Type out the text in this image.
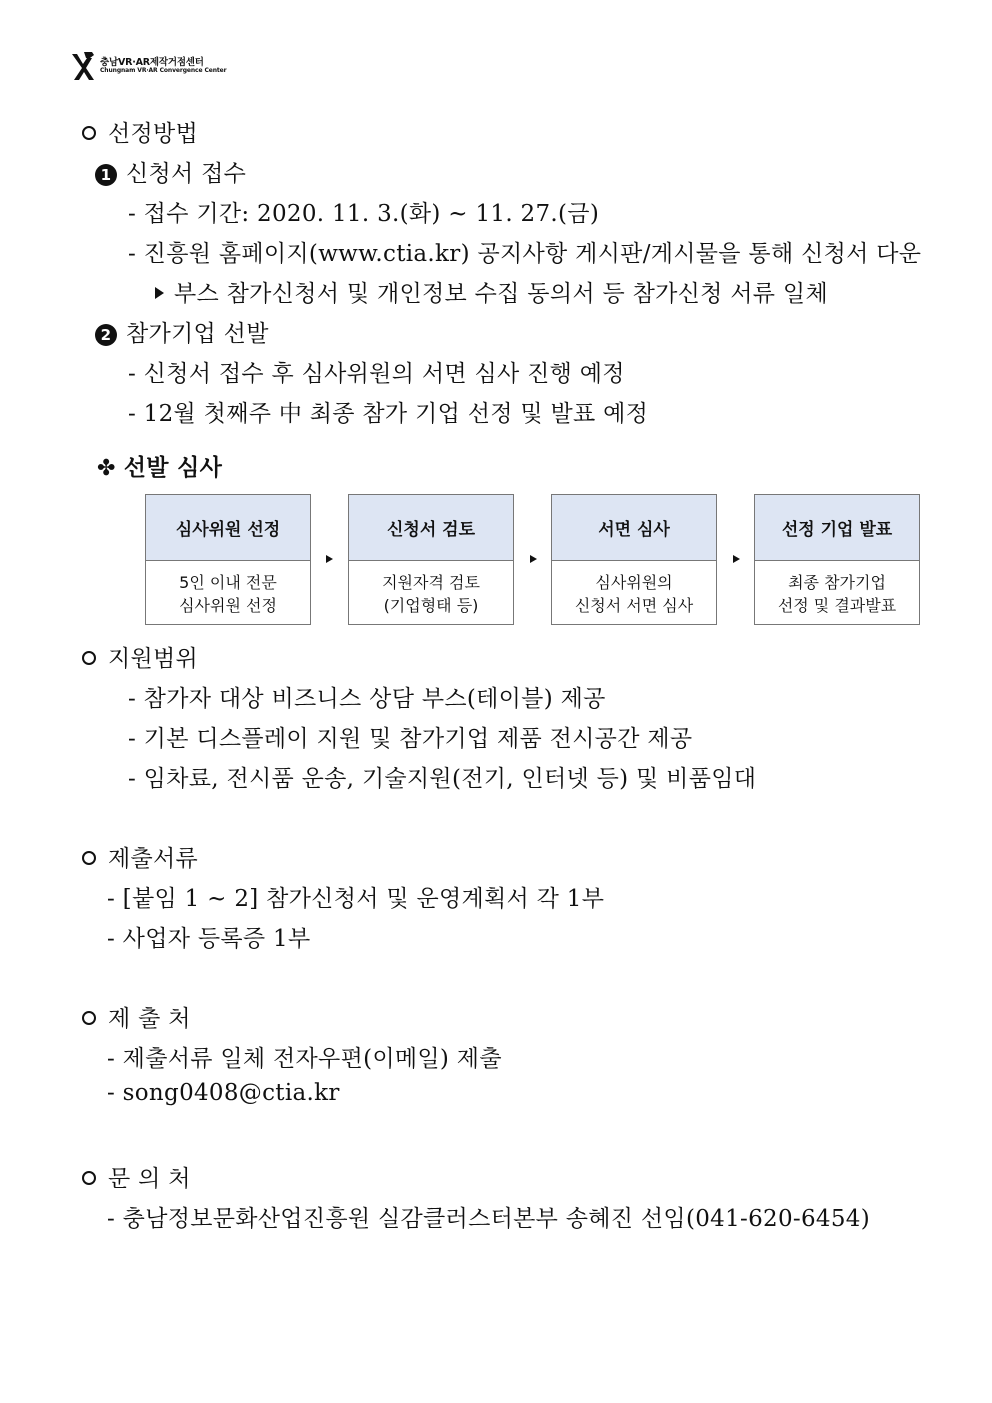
충남VR·AR제작거점센터
Chungnam VR·AR Convergence Center
선정방법
1 신청서 접수
- 접수 기간: 2020. 11. 3.(화) ~ 11. 27.(금)
- 진흥원 홈페이지(www.ctia.kr) 공지사항 게시판/게시물을 통해 신청서 다운
부스 참가신청서 및 개인정보 수집 동의서 등 참가신청 서류 일체
2 참가기업 선발
- 신청서 접수 후 심사위원의 서면 심사 진행 예정
- 12월 첫째주 中 최종 참가 기업 선정 및 발표 예정
✤ 선발 심사
심사위원 선정
5인 이내 전문
심사위원 선정
신청서 검토
지원자격 검토
(기업형태 등)
서면 심사
심사위원의
신청서 서면 심사
선정 기업 발표
최종 참가기업
선정 및 결과발표
지원범위
- 참가자 대상 비즈니스 상담 부스(테이블) 제공
- 기본 디스플레이 지원 및 참가기업 제품 전시공간 제공
- 임차료, 전시품 운송, 기술지원(전기, 인터넷 등) 및 비품임대
제출서류
- [붙임 1 ~ 2] 참가신청서 및 운영계획서 각 1부
- 사업자 등록증 1부
제 출 처
- 제출서류 일체 전자우편(이메일) 제출
- song0408@ctia.kr
문 의 처
- 충남정보문화산업진흥원 실감클러스터본부 송혜진 선임(041-620-6454)
